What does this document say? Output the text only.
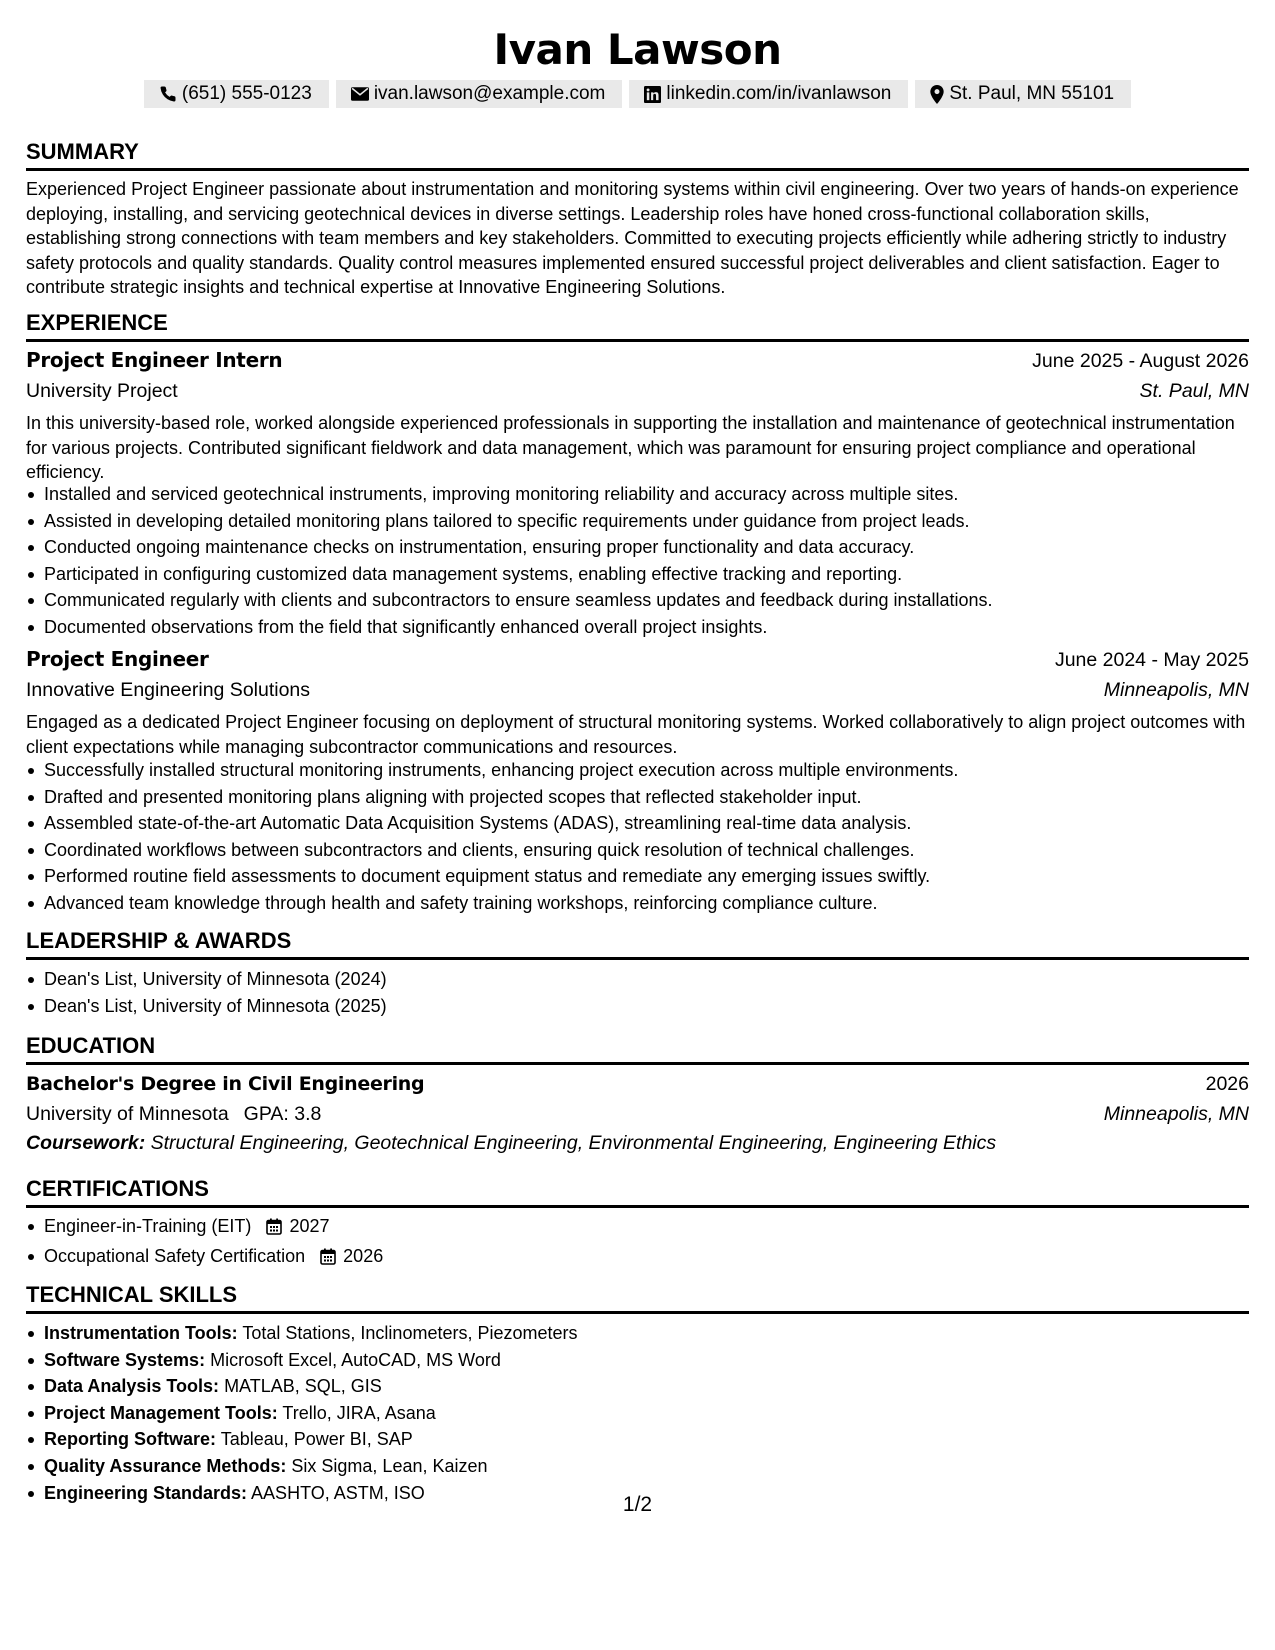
Ivan Lawson
(651) 555-0123	ivan.lawson@example.com	linkedin.com/in/ivanlawson	St. Paul, MN 55101
SUMMARY
Experienced Project Engineer passionate about instrumentation and monitoring systems within civil engineering. Over two years of hands-on experience deploying, installing, and servicing geotechnical devices in diverse settings. Leadership roles have honed cross-functional collaboration skills, establishing strong connections with team members and key stakeholders. Committed to executing projects efficiently while adhering strictly to industry safety protocols and quality standards. Quality control measures implemented ensured successful project deliverables and client satisfaction. Eager to contribute strategic insights and technical expertise at Innovative Engineering Solutions.
EXPERIENCE
Project Engineer Intern	June 2025 - August 2026
University Project	St. Paul, MN
In this university-based role, worked alongside experienced professionals in supporting the installation and maintenance of geotechnical instrumentation for various projects. Contributed significant fieldwork and data management, which was paramount for ensuring project compliance and operational efficiency.
Installed and serviced geotechnical instruments, improving monitoring reliability and accuracy across multiple sites.
Assisted in developing detailed monitoring plans tailored to specific requirements under guidance from project leads.
Conducted ongoing maintenance checks on instrumentation, ensuring proper functionality and data accuracy.
Participated in configuring customized data management systems, enabling effective tracking and reporting.
Communicated regularly with clients and subcontractors to ensure seamless updates and feedback during installations.
Documented observations from the field that significantly enhanced overall project insights.
Project Engineer	June 2024 - May 2025
Innovative Engineering Solutions	Minneapolis, MN
Engaged as a dedicated Project Engineer focusing on deployment of structural monitoring systems. Worked collaboratively to align project outcomes with client expectations while managing subcontractor communications and resources.
Successfully installed structural monitoring instruments, enhancing project execution across multiple environments.
Drafted and presented monitoring plans aligning with projected scopes that reflected stakeholder input.
Assembled state-of-the-art Automatic Data Acquisition Systems (ADAS), streamlining real-time data analysis.
Coordinated workflows between subcontractors and clients, ensuring quick resolution of technical challenges.
Performed routine field assessments to document equipment status and remediate any emerging issues swiftly.
Advanced team knowledge through health and safety training workshops, reinforcing compliance culture.
LEADERSHIP & AWARDS
Dean's List, University of Minnesota (2024)
Dean's List, University of Minnesota (2025)
EDUCATION
Bachelor's Degree in Civil Engineering	2026
University of Minnesota GPA: 3.8	Minneapolis, MN
Coursework: Structural Engineering, Geotechnical Engineering, Environmental Engineering, Engineering Ethics
CERTIFICATIONS
Engineer-in-Training (EIT) 2027
Occupational Safety Certification 2026
TECHNICAL SKILLS
Instrumentation Tools: Total Stations, Inclinometers, Piezometers
Software Systems: Microsoft Excel, AutoCAD, MS Word
Data Analysis Tools: MATLAB, SQL, GIS
Project Management Tools: Trello, JIRA, Asana
Reporting Software: Tableau, Power BI, SAP
Quality Assurance Methods: Six Sigma, Lean, Kaizen
Engineering Standards: AASHTO, ASTM, ISO
1/2
